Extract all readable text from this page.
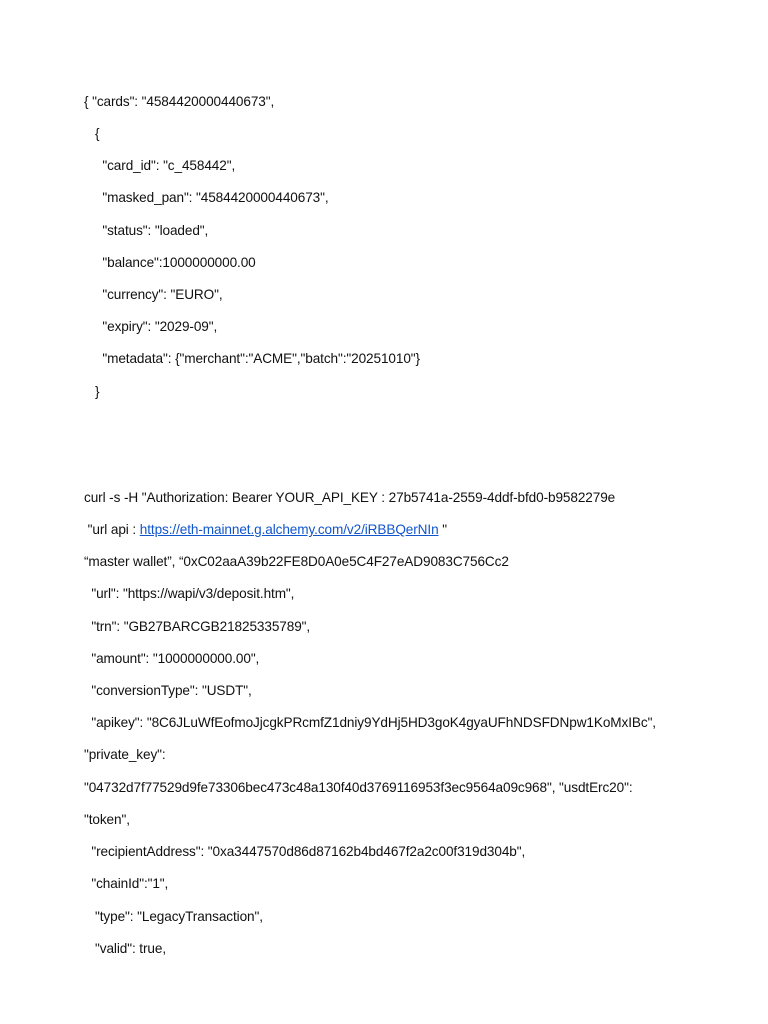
{ "cards": "4584420000440673",
{
"card_id": "c_458442",
"masked_pan": "4584420000440673",
"status": "loaded",
"balance":1000000000.00
"currency": "EURO",
"expiry": "2029-09",
"metadata": {"merchant":"ACME","batch":"20251010"}
}
curl -s -H "Authorization: Bearer YOUR_API_KEY : 27b5741a-2559-4ddf-bfd0-b9582279e
"url api : https://eth-mainnet.g.alchemy.com/v2/iRBBQerNIn "
“master wallet”, “0xC02aaA39b22FE8D0A0e5C4F27eAD9083C756Cc2
"url": "https://wapi/v3/deposit.htm",
"trn": "GB27BARCGB21825335789",
"amount": "1000000000.00",
"conversionType": "USDT",
"apikey": "8C6JLuWfEofmoJjcgkPRcmfZ1dniy9YdHj5HD3goK4gyaUFhNDSFDNpw1KoMxIBc",
"private_key":
"04732d7f77529d9fe73306bec473c48a130f40d3769116953f3ec9564a09c968", "usdtErc20":
"token",
"recipientAddress": "0xa3447570d86d87162b4bd467f2a2c00f319d304b",
"chainId":"1",
"type": "LegacyTransaction",
"valid": true,
